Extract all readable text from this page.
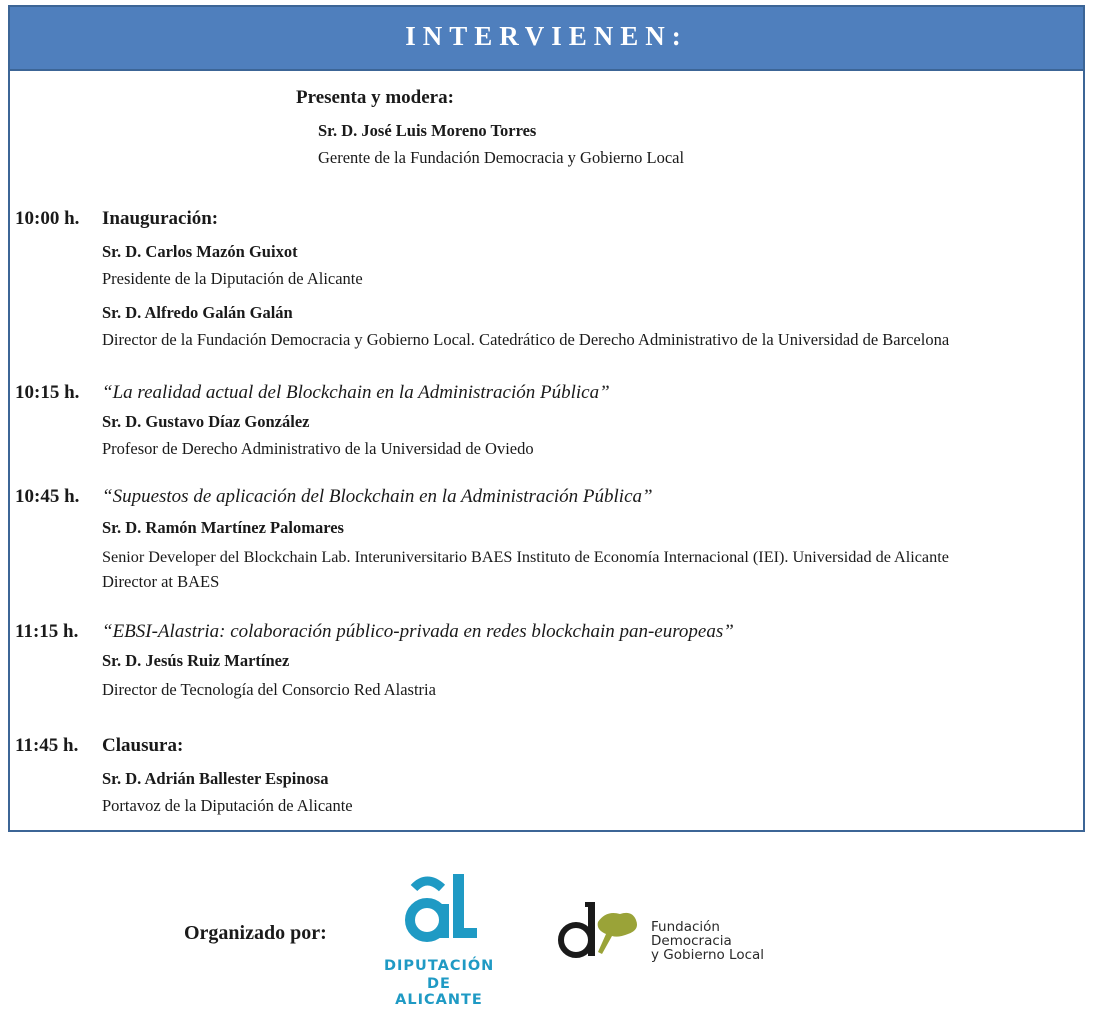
INTERVIENEN:
Presenta y modera:
Sr. D. José Luis Moreno Torres
Gerente de la Fundación Democracia y Gobierno Local
10:00 h. Inauguración:
Sr. D. Carlos Mazón Guixot
Presidente de la Diputación de Alicante
Sr. D. Alfredo Galán Galán
Director de la Fundación Democracia y Gobierno Local. Catedrático de Derecho Administrativo de la Universidad de Barcelona
10:15 h. “La realidad actual del Blockchain en la Administración Pública”
Sr. D. Gustavo Díaz González
Profesor de Derecho Administrativo de la Universidad de Oviedo
10:45 h. “Supuestos de aplicación del Blockchain en la Administración Pública”
Sr. D. Ramón Martínez Palomares
Senior Developer del Blockchain Lab. Interuniversitario BAES Instituto de Economía Internacional (IEI). Universidad de Alicante
Director at BAES
11:15 h. “EBSI-Alastria: colaboración público-privada en redes blockchain pan-europeas”
Sr. D. Jesús Ruiz Martínez
Director de Tecnología del Consorcio Red Alastria
11:45 h. Clausura:
Sr. D. Adrián Ballester Espinosa
Portavoz de la Diputación de Alicante
Organizado por:
DIPUTACIÓN
DE ALICANTE
Fundación
Democracia
y Gobierno Local
